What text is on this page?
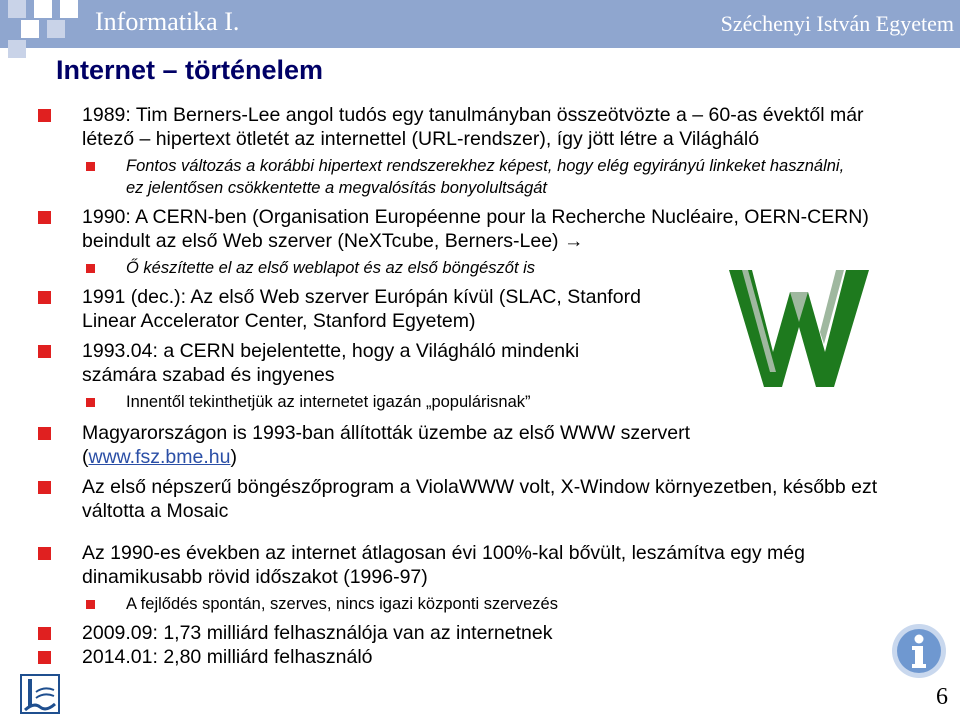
Informatika I.	Széchenyi István Egyetem
Internet – történelem
1989: Tim Berners-Lee angol tudós egy tanulmányban összeötvözte a – 60-as évektől már létező – hipertext ötletét az internettel (URL-rendszer), így jött létre a Világháló
Fontos változás a korábbi hipertext rendszerekhez képest, hogy elég egyirányú linkeket használni, ez jelentősen csökkentette a megvalósítás bonyolultságát
1990: A CERN-ben (Organisation Européenne pour la Recherche Nucléaire, OERN-CERN) beindult az első Web szerver (NeXTcube, Berners-Lee) →
Ő készítette el az első weblapot és az első böngészőt is
1991 (dec.): Az első Web szerver Európán kívül (SLAC, Stanford Linear Accelerator Center, Stanford Egyetem)
1993.04: a CERN bejelentette, hogy a Világháló mindenki számára szabad és ingyenes
Innentől tekinthetjük az internetet igazán „populárisnak”
Magyarországon is 1993-ban állították üzembe az első WWW szervert
(www.fsz.bme.hu)
Az első népszerű böngészőprogram a ViolaWWW volt, X-Window környezetben, később ezt váltotta a Mosaic
Az 1990-es években az internet átlagosan évi 100%-kal bővült, leszámítva egy még dinamikusabb rövid időszakot (1996-97)
A fejlődés spontán, szerves, nincs igazi központi szervezés
2009.09: 1,73 milliárd felhasználója van az internetnek
2014.01: 2,80 milliárd felhasználó
6
